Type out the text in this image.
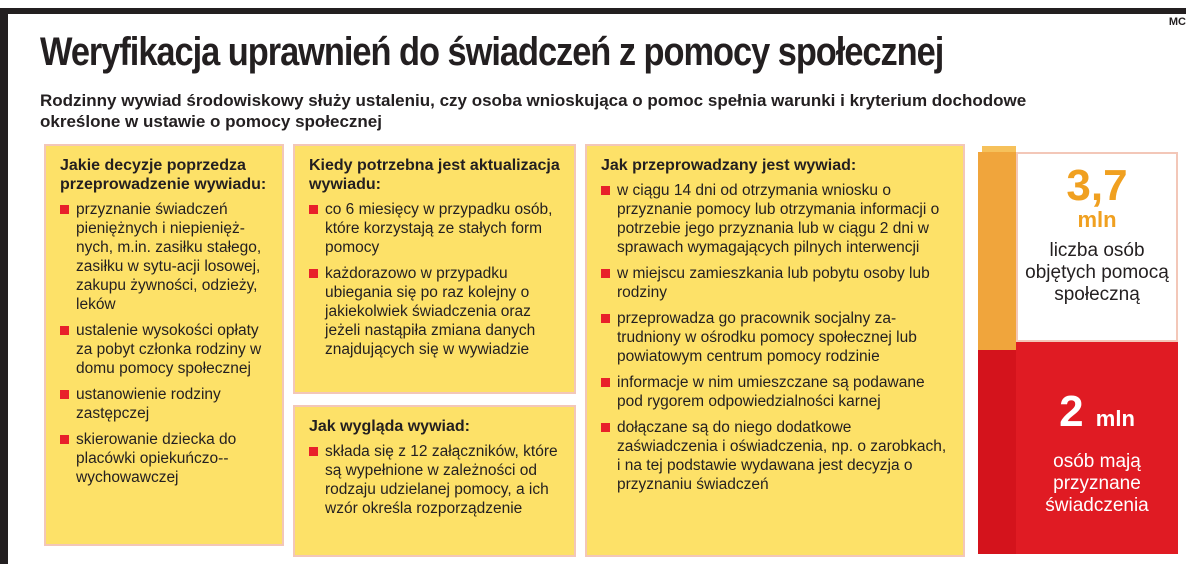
MC
Weryfikacja uprawnień do świadczeń z pomocy społecznej

Rodzinny wywiad środowiskowy służy ustaleniu, czy osoba wnioskująca o pomoc spełnia warunki i kryterium dochodowe określone w ustawie o pomocy społecznej

Jakie decyzje poprzedza przeprowadzenie wywiadu:
przyznanie świadczeń pieniężnych i niepienięż-nych, m.in. zasiłku stałego, zasiłku w sytu-acji losowej, zakupu żywności, odzieży, leków
ustalenie wysokości opłaty za pobyt członka rodziny w domu pomocy społecznej
ustanowienie rodziny zastępczej
skierowanie dziecka do placówki opiekuńczo--wychowawczej
Kiedy potrzebna jest aktualizacja wywiadu:
co 6 miesięcy w przypadku osób, które korzystają ze stałych form pomocy
każdorazowo w przypadku ubiegania się po raz kolejny o jakiekolwiek świadczenia oraz jeżeli nastąpiła zmiana danych znajdujących się w wywiadzie
Jak wygląda wywiad:
składa się z 12 załączników, które są wypełnione w zależności od rodzaju udzielanej pomocy, a ich wzór określa rozporządzenie
Jak przeprowadzany jest wywiad:
w ciągu 14 dni od otrzymania wniosku o przyznanie pomocy lub otrzymania informacji o potrzebie jego przyznania lub w ciągu 2 dni w sprawach wymagających pilnych interwencji
w miejscu zamieszkania lub pobytu osoby lub rodziny
przeprowadza go pracownik socjalny za-trudniony w ośrodku pomocy społecznej lub powiatowym centrum pomocy rodzinie
informacje w nim umieszczane są podawane pod rygorem odpowiedzialności karnej
dołączane są do niego dodatkowe zaświadczenia i oświadczenia, np. o zarobkach, i na tej podstawie wydawana jest decyzja o przyznaniu świadczeń
3,7
mln
liczba osób objętych pomocą społeczną
2 mln
osób mają przyznane świadczenia
